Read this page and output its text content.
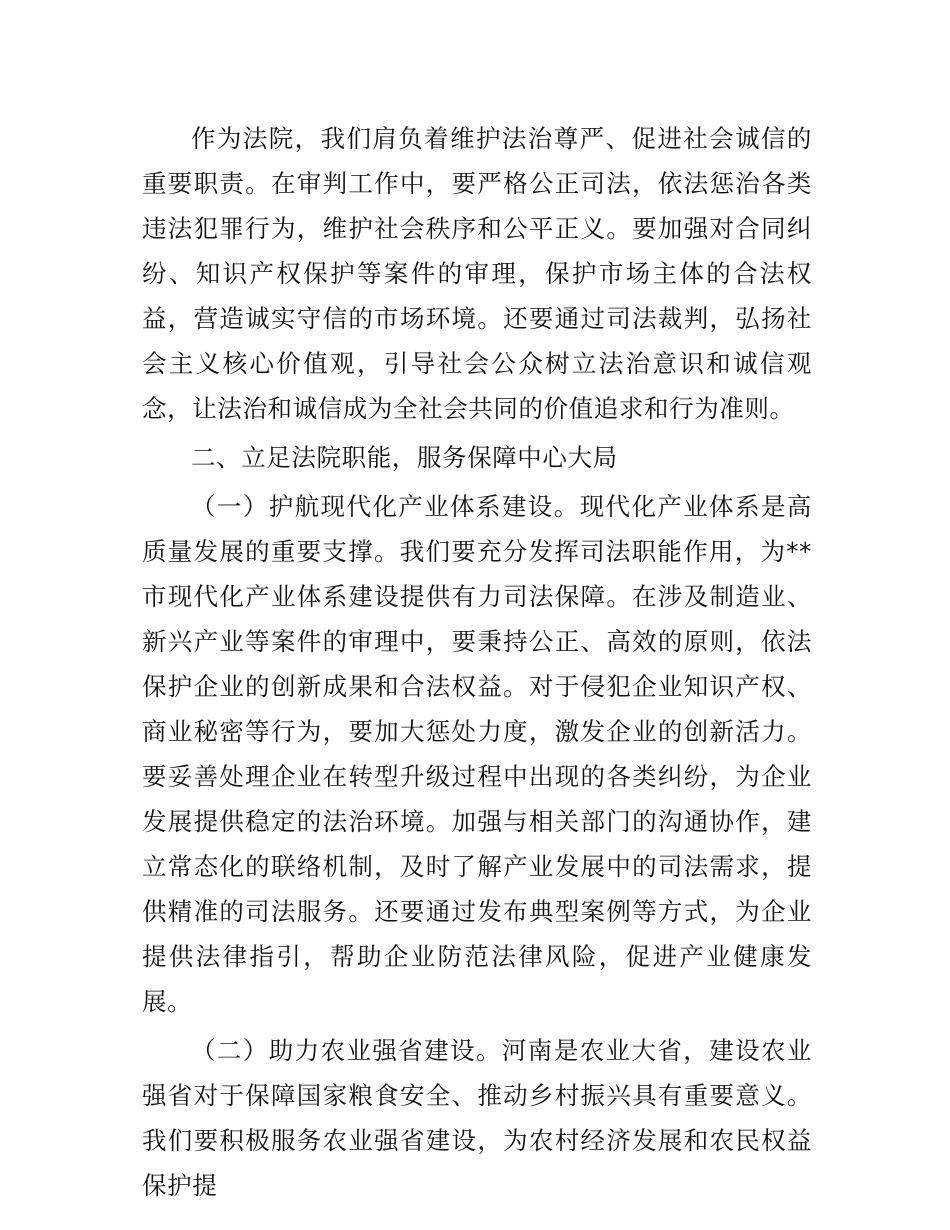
作为法院，我们肩负着维护法治尊严、促进社会诚信的重要职责。在审判工作中，要严格公正司法，依法惩治各类违法犯罪行为，维护社会秩序和公平正义。要加强对合同纠纷、知识产权保护等案件的审理，保护市场主体的合法权益，营造诚实守信的市场环境。还要通过司法裁判，弘扬社会主义核心价值观，引导社会公众树立法治意识和诚信观念，让法治和诚信成为全社会共同的价值追求和行为准则。

二、立足法院职能，服务保障中心大局

（一）护航现代化产业体系建设。现代化产业体系是高质量发展的重要支撑。我们要充分发挥司法职能作用，为**市现代化产业体系建设提供有力司法保障。在涉及制造业、新兴产业等案件的审理中，要秉持公正、高效的原则，依法保护企业的创新成果和合法权益。对于侵犯企业知识产权、商业秘密等行为，要加大惩处力度，激发企业的创新活力。要妥善处理企业在转型升级过程中出现的各类纠纷，为企业发展提供稳定的法治环境。加强与相关部门的沟通协作，建立常态化的联络机制，及时了解产业发展中的司法需求，提供精准的司法服务。还要通过发布典型案例等方式，为企业提供法律指引，帮助企业防范法律风险，促进产业健康发展。

（二）助力农业强省建设。河南是农业大省，建设农业强省对于保障国家粮食安全、推动乡村振兴具有重要意义。我们要积极服务农业强省建设，为农村经济发展和农民权益保护提
